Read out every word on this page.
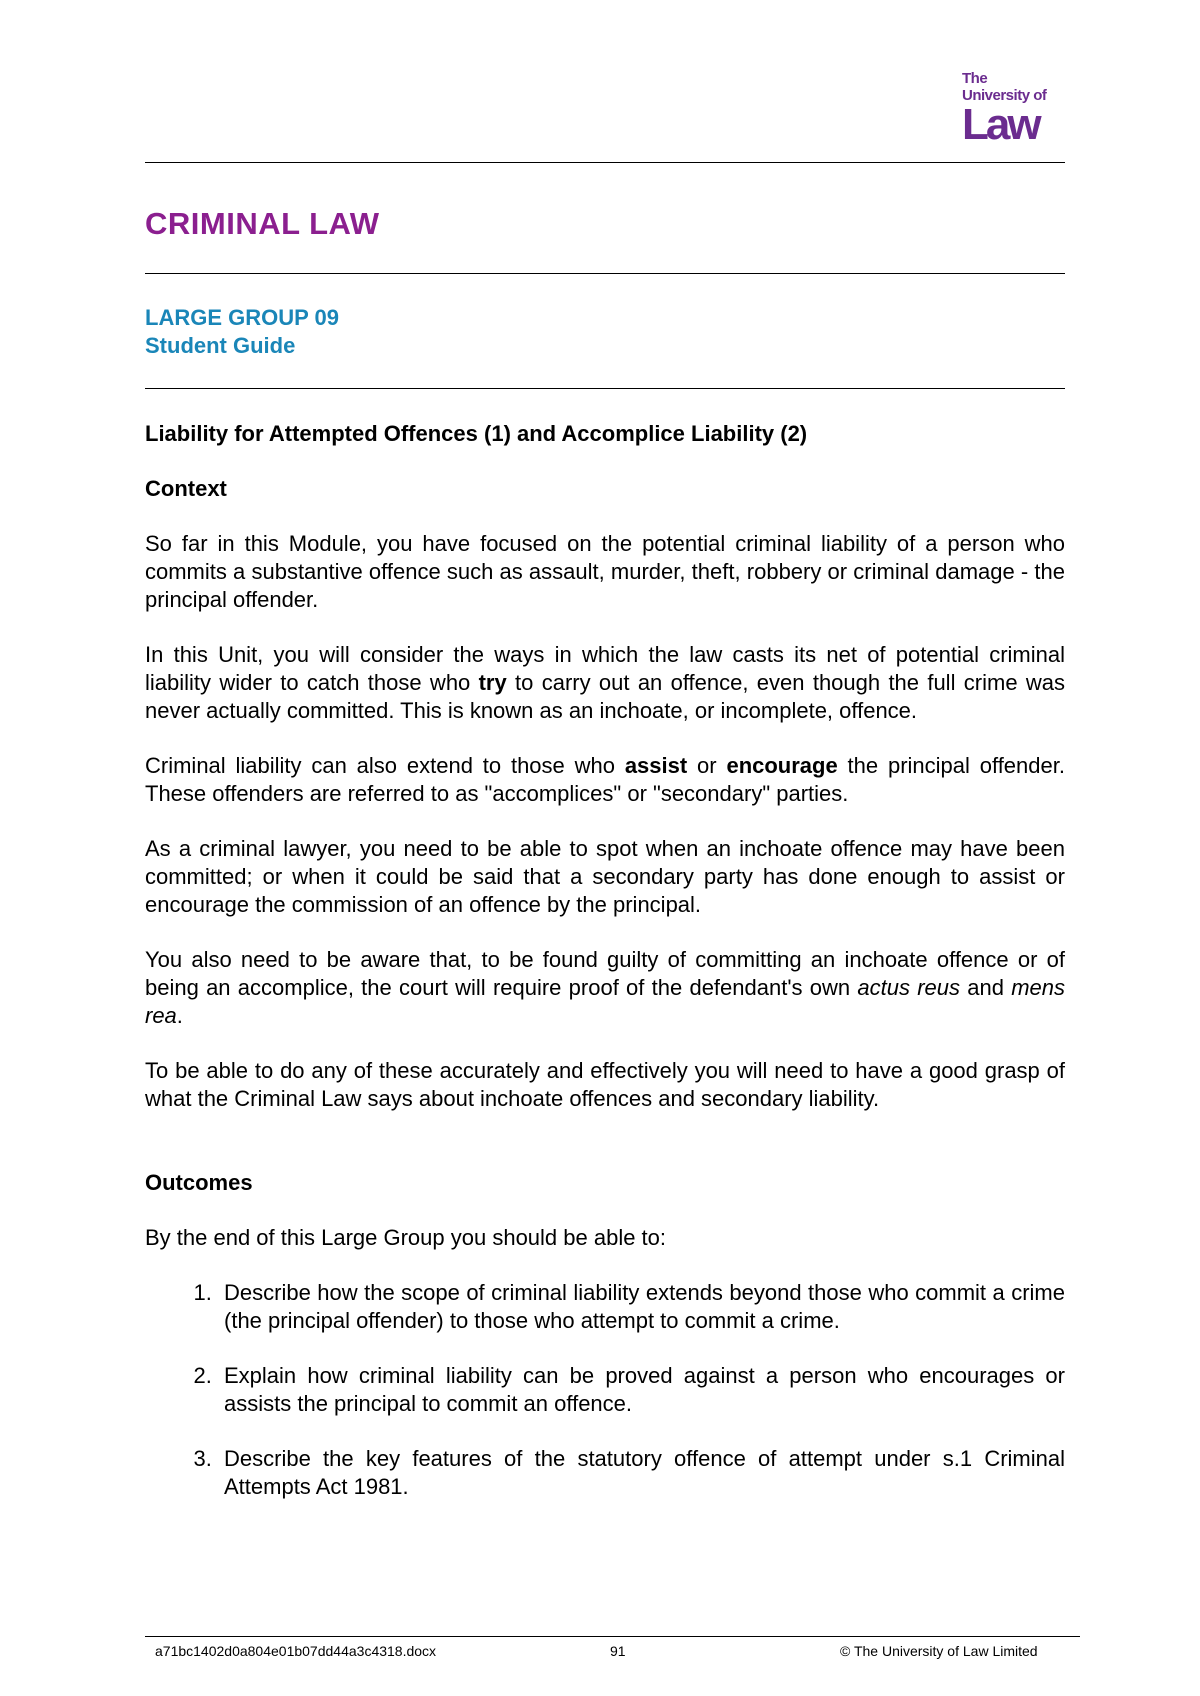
The
University of
Law
CRIMINAL LAW
LARGE GROUP 09
Student Guide
Liability for Attempted Offences (1) and Accomplice Liability (2)
Context

So far in this Module, you have focused on the potential criminal liability of a person who commits a substantive offence such as assault, murder, theft, robbery or criminal damage - the principal offender.

In this Unit, you will consider the ways in which the law casts its net of potential criminal liability wider to catch those who try to carry out an offence, even though the full crime was never actually committed. This is known as an inchoate, or incomplete, offence.

Criminal liability can also extend to those who assist or encourage the principal offender. These offenders are referred to as "accomplices" or "secondary" parties.

As a criminal lawyer, you need to be able to spot when an inchoate offence may have been committed; or when it could be said that a secondary party has done enough to assist or encourage the commission of an offence by the principal.

You also need to be aware that, to be found guilty of committing an inchoate offence or of being an accomplice, the court will require proof of the defendant's own actus reus and mens rea.

To be able to do any of these accurately and effectively you will need to have a good grasp of what the Criminal Law says about inchoate offences and secondary liability.

Outcomes

By the end of this Large Group you should be able to:

1. Describe how the scope of criminal liability extends beyond those who commit a crime (the principal offender) to those who attempt to commit a crime.
2. Explain how criminal liability can be proved against a person who encourages or assists the principal to commit an offence.
3. Describe the key features of the statutory offence of attempt under s.1 Criminal Attempts Act 1981.
a71bc1402d0a804e01b07dd44a3c4318.docx	91	© The University of Law Limited
